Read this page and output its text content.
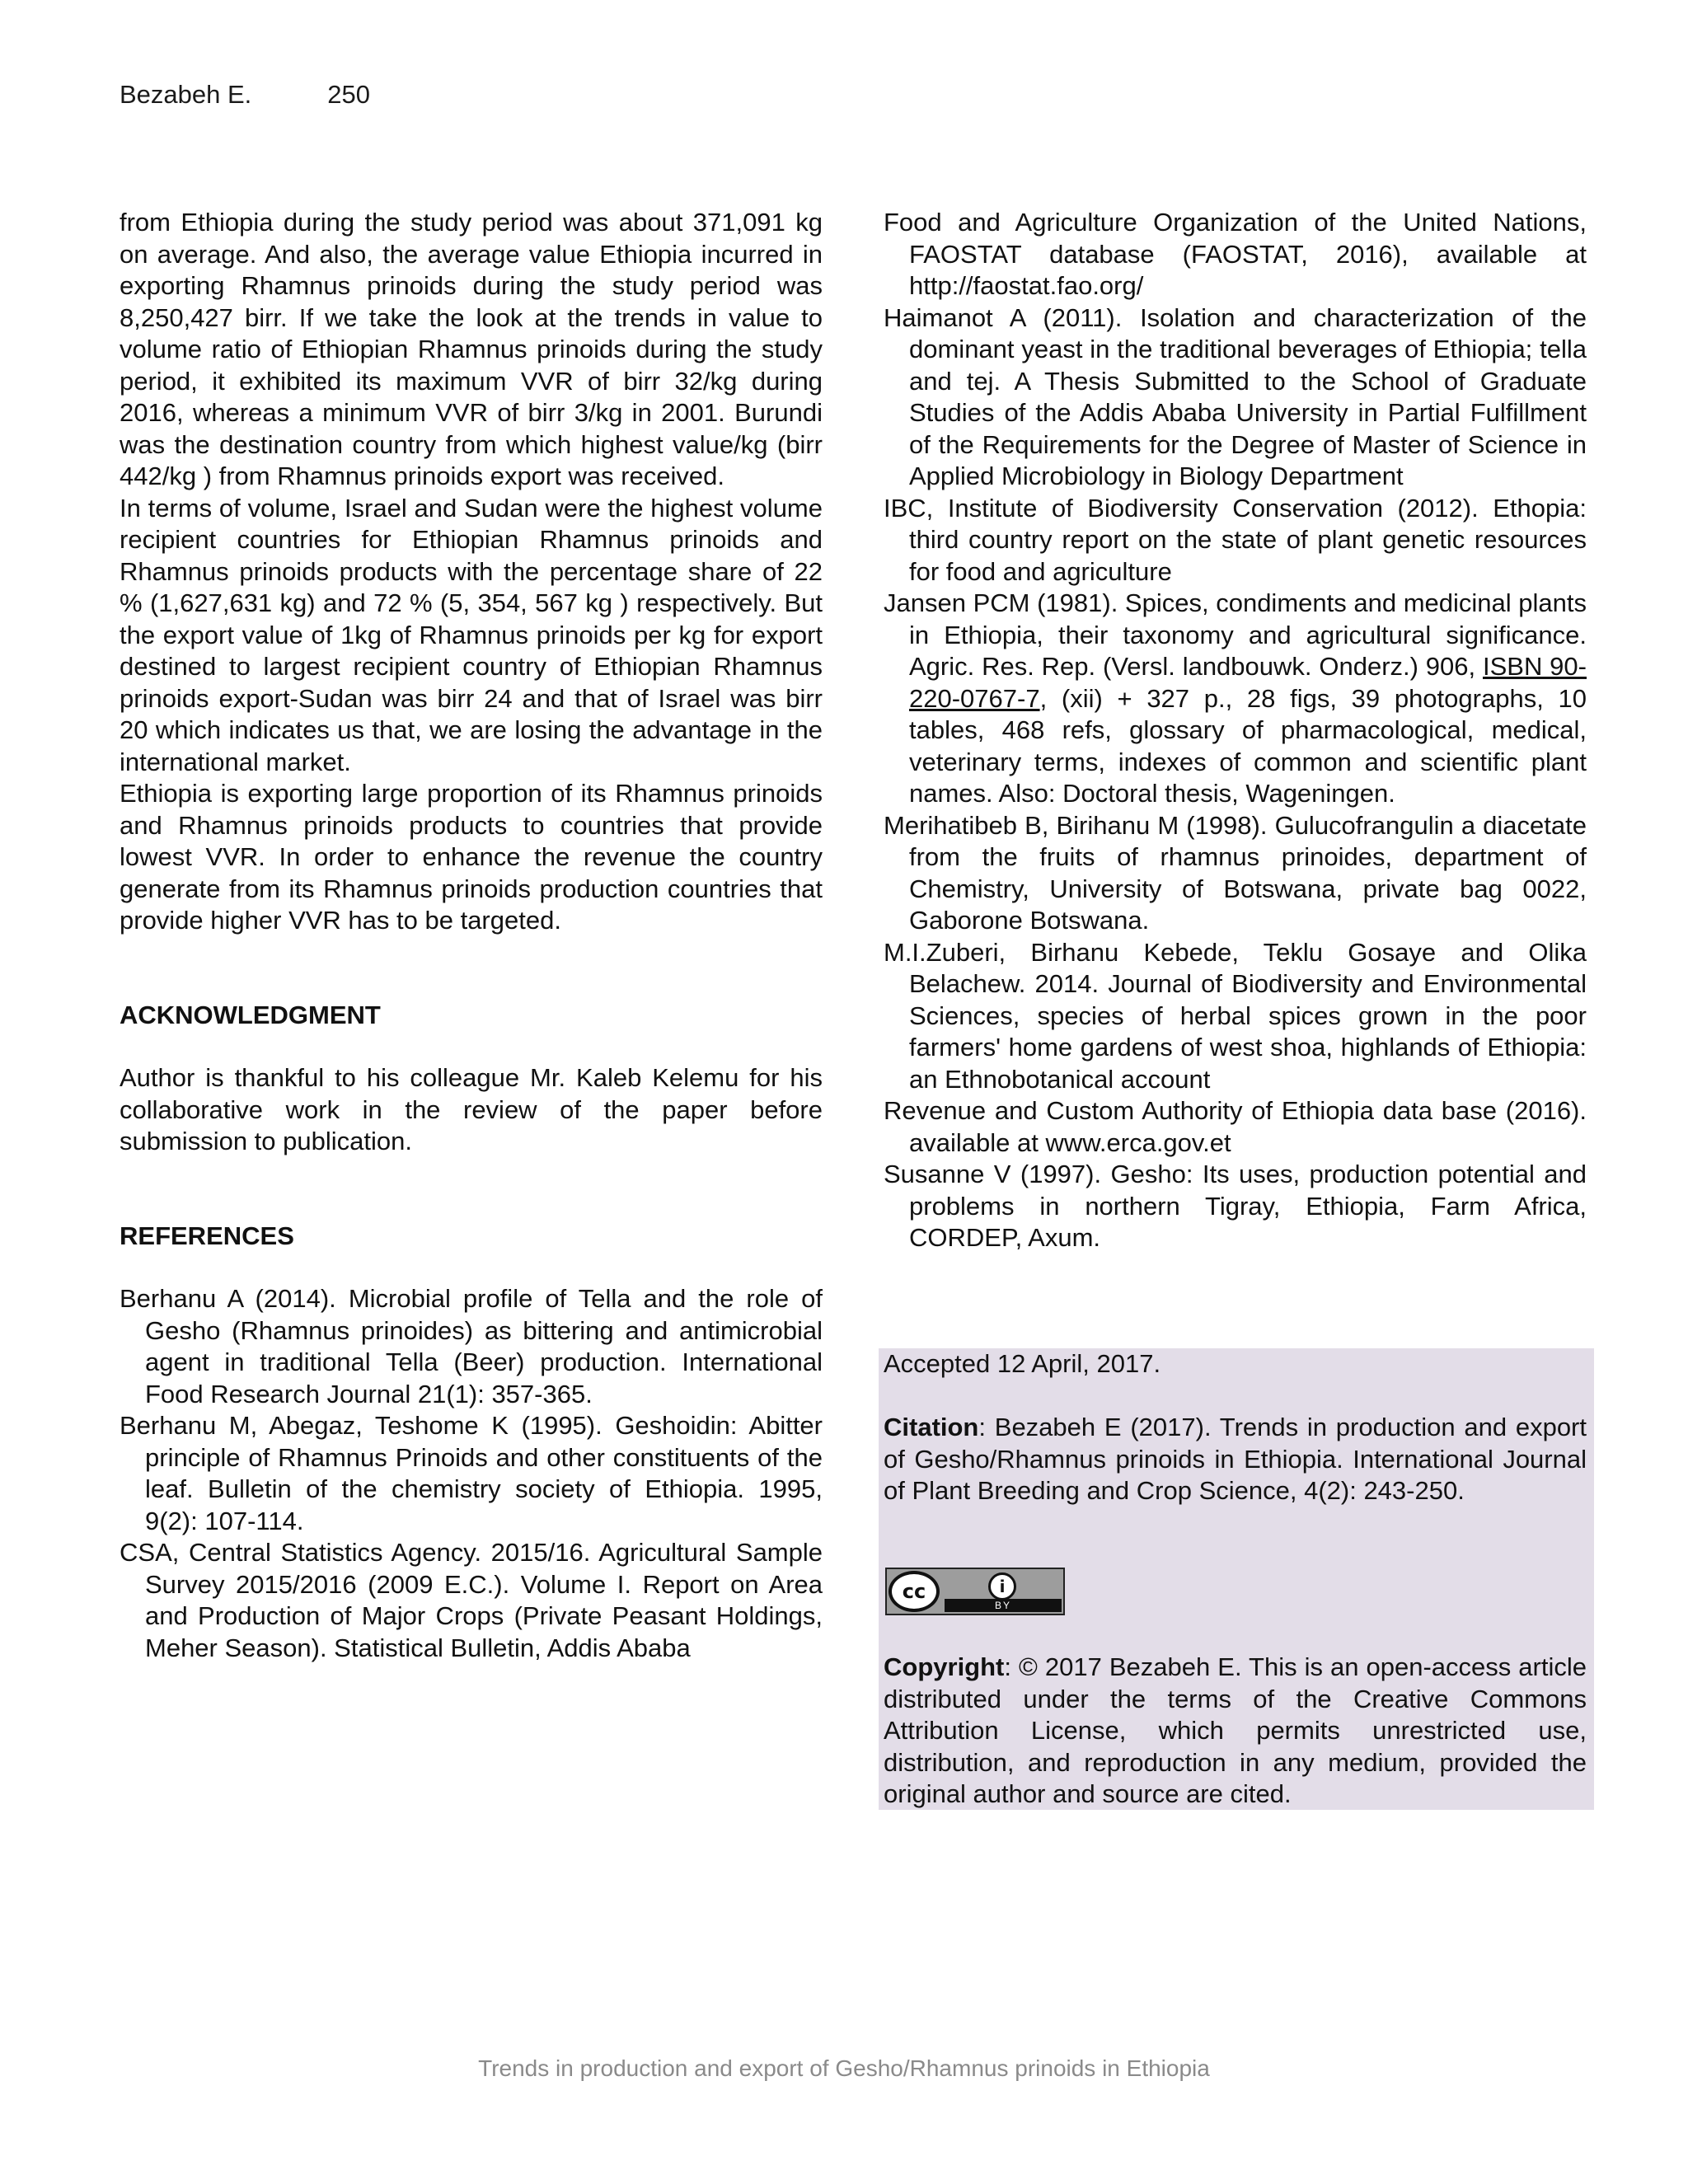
Bezabeh E.	250

from Ethiopia during the study period was about 371,091 kg on average. And also, the average value Ethiopia incurred in exporting Rhamnus prinoids during the study period was 8,250,427 birr. If we take the look at the trends in value to volume ratio of Ethiopian Rhamnus prinoids during the study period, it exhibited its maximum VVR of birr 32/kg during 2016, whereas a minimum VVR of birr 3/kg in 2001. Burundi was the destination country from which highest value/kg (birr 442/kg ) from Rhamnus prinoids export was received.

In terms of volume, Israel and Sudan were the highest volume recipient countries for Ethiopian Rhamnus prinoids and Rhamnus prinoids products with the percentage share of 22 % (1,627,631 kg) and 72 % (5, 354, 567 kg ) respectively. But the export value of 1kg of Rhamnus prinoids per kg for export destined to largest recipient country of Ethiopian Rhamnus prinoids export-Sudan was birr 24 and that of Israel was birr 20 which indicates us that, we are losing the advantage in the international market.

Ethiopia is exporting large proportion of its Rhamnus prinoids and Rhamnus prinoids products to countries that provide lowest VVR. In order to enhance the revenue the country generate from its Rhamnus prinoids production countries that provide higher VVR has to be targeted.

ACKNOWLEDGMENT

Author is thankful to his colleague Mr. Kaleb Kelemu for his collaborative work in the review of the paper before submission to publication.

REFERENCES

Berhanu A (2014). Microbial profile of Tella and the role of Gesho (Rhamnus prinoides) as bittering and antimicrobial agent in traditional Tella (Beer) production. International Food Research Journal 21(1): 357-365.

Berhanu M, Abegaz, Teshome K (1995). Geshoidin: Abitter principle of Rhamnus Prinoids and other constituents of the leaf. Bulletin of the chemistry society of Ethiopia. 1995, 9(2): 107-114.

CSA, Central Statistics Agency. 2015/16. Agricultural Sample Survey 2015/2016 (2009 E.C.). Volume I. Report on Area and Production of Major Crops (Private Peasant Holdings, Meher Season). Statistical Bulletin, Addis Ababa

Food and Agriculture Organization of the United Nations, FAOSTAT database (FAOSTAT, 2016), available at http://faostat.fao.org/

Haimanot A (2011). Isolation and characterization of the dominant yeast in the traditional beverages of Ethiopia; tella and tej. A Thesis Submitted to the School of Graduate Studies of the Addis Ababa University in Partial Fulfillment of the Requirements for the Degree of Master of Science in Applied Microbiology in Biology Department

IBC, Institute of Biodiversity Conservation (2012). Ethopia: third country report on the state of plant genetic resources for food and agriculture

Jansen PCM (1981). Spices, condiments and medicinal plants in Ethiopia, their taxonomy and agricultural significance. Agric. Res. Rep. (Versl. landbouwk. Onderz.) 906, ISBN 90-220-0767-7, (xii) + 327 p., 28 figs, 39 photographs, 10 tables, 468 refs, glossary of pharmacological, medical, veterinary terms, indexes of common and scientific plant names. Also: Doctoral thesis, Wageningen.

Merihatibeb B, Birihanu M (1998). Gulucofrangulin a diacetate from the fruits of rhamnus prinoides, department of Chemistry, University of Botswana, private bag 0022, Gaborone Botswana.

M.I.Zuberi, Birhanu Kebede, Teklu Gosaye and Olika Belachew. 2014. Journal of Biodiversity and Environmental Sciences, species of herbal spices grown in the poor farmers' home gardens of west shoa, highlands of Ethiopia: an Ethnobotanical account

Revenue and Custom Authority of Ethiopia data base (2016). available at www.erca.gov.et

Susanne V (1997). Gesho: Its uses, production potential and problems in northern Tigray, Ethiopia, Farm Africa, CORDEP, Axum.

Accepted 12 April, 2017.

Citation: Bezabeh E (2017). Trends in production and export of Gesho/Rhamnus prinoids in Ethiopia. International Journal of Plant Breeding and Crop Science, 4(2): 243-250.

cc	i
BY

Copyright: © 2017 Bezabeh E. This is an open-access article distributed under the terms of the Creative Commons Attribution License, which permits unrestricted use, distribution, and reproduction in any medium, provided the original author and source are cited.

Trends in production and export of Gesho/Rhamnus prinoids in Ethiopia
